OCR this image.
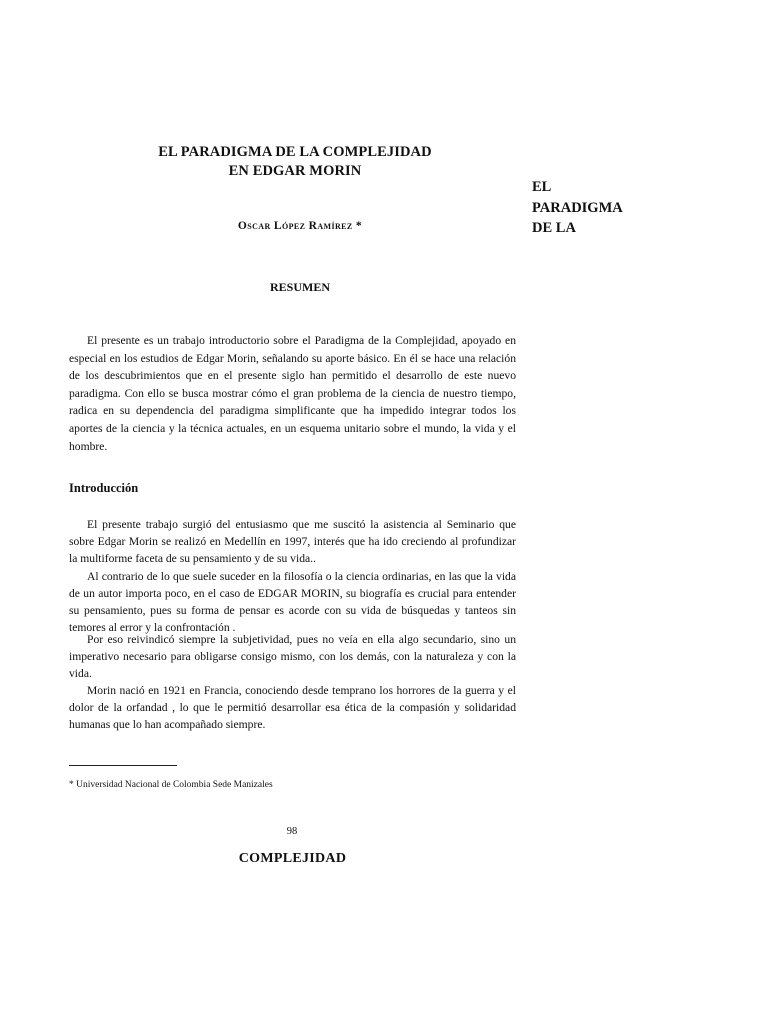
EL PARADIGMA DE LA COMPLEJIDAD
EN EDGAR MORIN
EL
PARADIGMA
DE LA
Oscar López Ramírez *
RESUMEN

El presente es un trabajo introductorio sobre el Paradigma de la Complejidad, apoyado en especial en los estudios de Edgar Morin, señalando su aporte básico. En él se hace una relación de los descubrimientos que en el presente siglo han permitido el desarrollo de este nuevo paradigma. Con ello se busca mostrar cómo el gran problema de la ciencia de nuestro tiempo, radica en su dependencia del paradigma simplificante que ha impedido integrar todos los aportes de la ciencia y la técnica actuales, en un esquema unitario sobre el mundo, la vida y el hombre.

Introducción

El presente trabajo surgió del entusiasmo que me suscitó la asistencia al Seminario que sobre Edgar Morin se realizó en Medellín en 1997, interés que ha ido creciendo al profundizar la multiforme faceta de su pensamiento y de su vida..

Al contrario de lo que suele suceder en la filosofía o la ciencia ordinarias, en las que la vida de un autor importa poco, en el caso de EDGAR MORIN, su biografía es crucial para entender su pensamiento, pues su forma de pensar es acorde con su vida de búsquedas y tanteos sin temores al error y la confrontación .

Por eso reivindicó siempre la subjetividad, pues no veía en ella algo secundario, sino un imperativo necesario para obligarse consigo mismo, con los demás, con la naturaleza y con la vida.

Morin nació en 1921 en Francia, conociendo desde temprano los horrores de la guerra y el dolor de la orfandad , lo que le permitió desarrollar esa ética de la compasión y solidaridad humanas que lo han acompañado siempre.

* Universidad Nacional de Colombia Sede Manizales
98
COMPLEJIDAD
